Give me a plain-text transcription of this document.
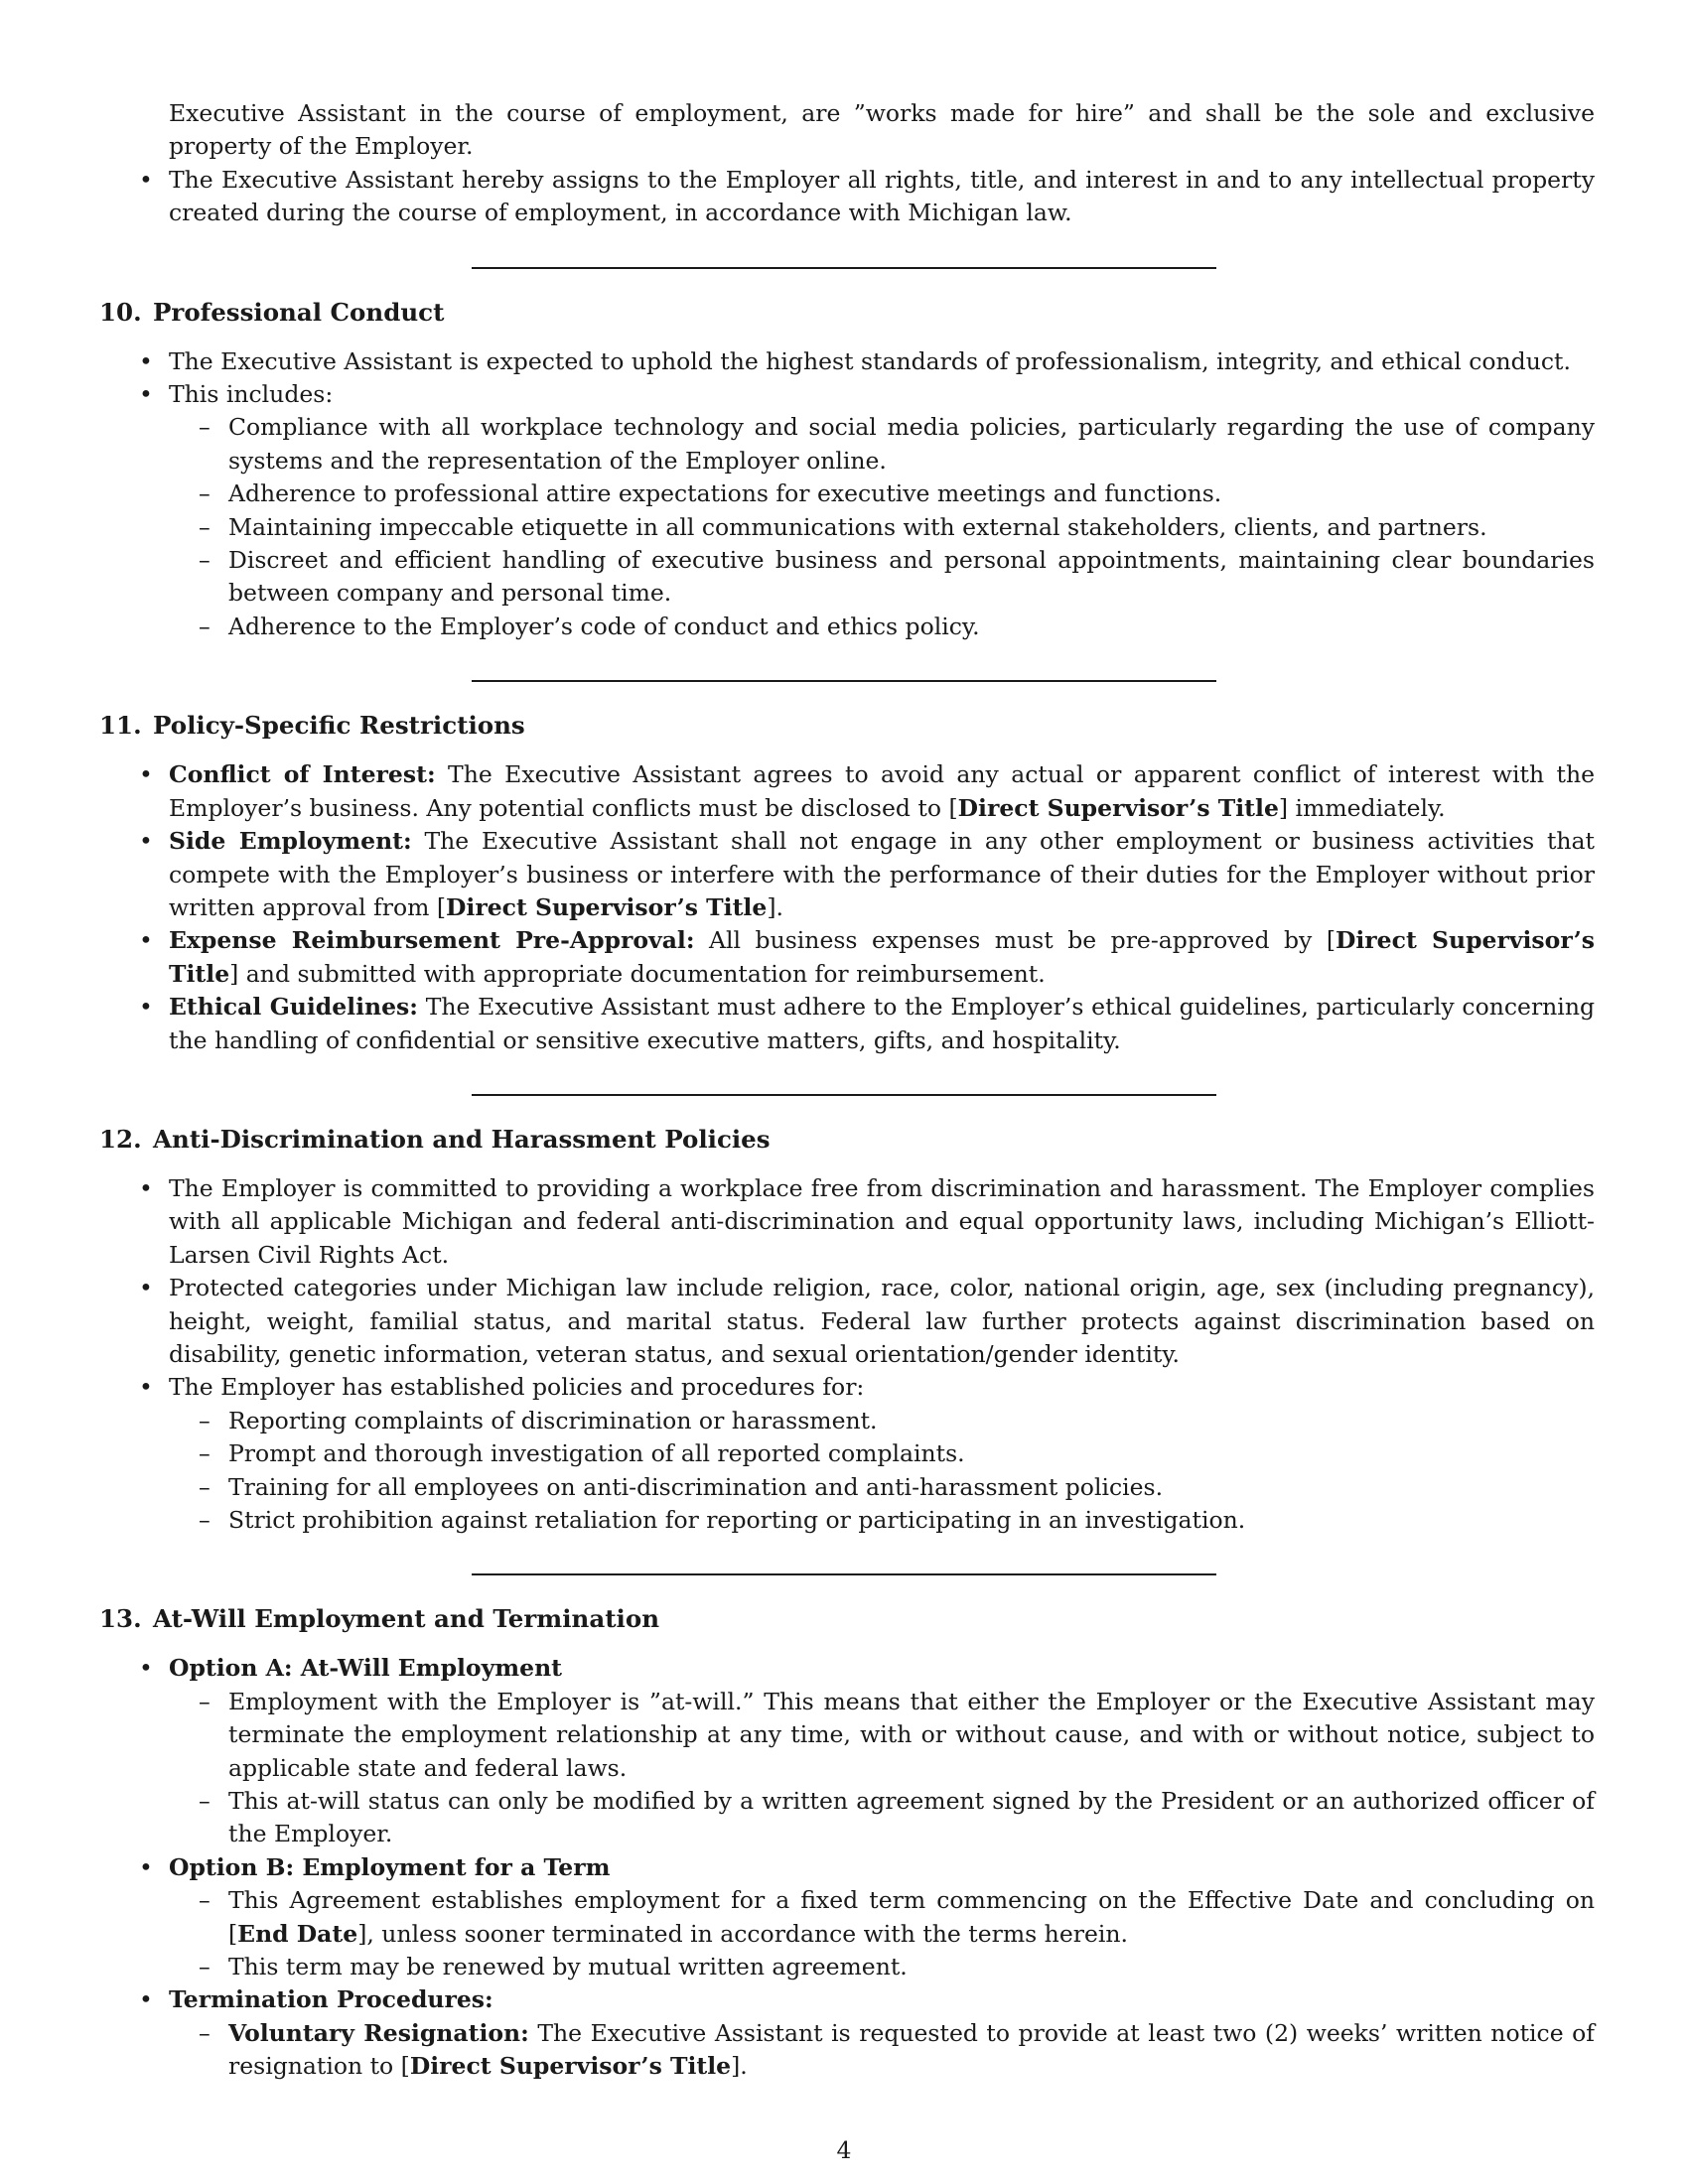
Executive Assistant in the course of employment, are ”works made for hire” and shall be the sole and exclusive property of the Employer.
• The Executive Assistant hereby assigns to the Employer all rights, title, and interest in and to any intellectual property created during the course of employment, in accordance with Michigan law.
10. Professional Conduct
• The Executive Assistant is expected to uphold the highest standards of professionalism, integrity, and ethical conduct.
• This includes:
– Compliance with all workplace technology and social media policies, particularly regarding the use of company systems and the representation of the Employer online.
– Adherence to professional attire expectations for executive meetings and functions.
– Maintaining impeccable etiquette in all communications with external stakeholders, clients, and partners.
– Discreet and efficient handling of executive business and personal appointments, maintaining clear boundaries between company and personal time.
– Adherence to the Employer’s code of conduct and ethics policy.
11. Policy-Specific Restrictions
• Conflict of Interest: The Executive Assistant agrees to avoid any actual or apparent conflict of interest with the Employer’s business. Any potential conflicts must be disclosed to [Direct Supervisor’s Title] immediately.
• Side Employment: The Executive Assistant shall not engage in any other employment or business activities that compete with the Employer’s business or interfere with the performance of their duties for the Employer without prior written approval from [Direct Supervisor’s Title].
• Expense Reimbursement Pre-Approval: All business expenses must be pre-approved by [Direct Supervisor’s Title] and submitted with appropriate documentation for reimbursement.
• Ethical Guidelines: The Executive Assistant must adhere to the Employer’s ethical guidelines, particularly concerning the handling of confidential or sensitive executive matters, gifts, and hospitality.
12. Anti-Discrimination and Harassment Policies
• The Employer is committed to providing a workplace free from discrimination and harassment. The Employer complies with all applicable Michigan and federal anti-discrimination and equal opportunity laws, including Michigan’s Elliott-Larsen Civil Rights Act.
• Protected categories under Michigan law include religion, race, color, national origin, age, sex (including pregnancy), height, weight, familial status, and marital status. Federal law further protects against discrimination based on disability, genetic information, veteran status, and sexual orientation/gender identity.
• The Employer has established policies and procedures for:
– Reporting complaints of discrimination or harassment.
– Prompt and thorough investigation of all reported complaints.
– Training for all employees on anti-discrimination and anti-harassment policies.
– Strict prohibition against retaliation for reporting or participating in an investigation.
13. At-Will Employment and Termination
• Option A: At-Will Employment
– Employment with the Employer is ”at-will.” This means that either the Employer or the Executive Assistant may terminate the employment relationship at any time, with or without cause, and with or without notice, subject to applicable state and federal laws.
– This at-will status can only be modified by a written agreement signed by the President or an authorized officer of the Employer.
• Option B: Employment for a Term
– This Agreement establishes employment for a fixed term commencing on the Effective Date and concluding on [End Date], unless sooner terminated in accordance with the terms herein.
– This term may be renewed by mutual written agreement.
• Termination Procedures:
– Voluntary Resignation: The Executive Assistant is requested to provide at least two (2) weeks’ written notice of resignation to [Direct Supervisor’s Title].
4
